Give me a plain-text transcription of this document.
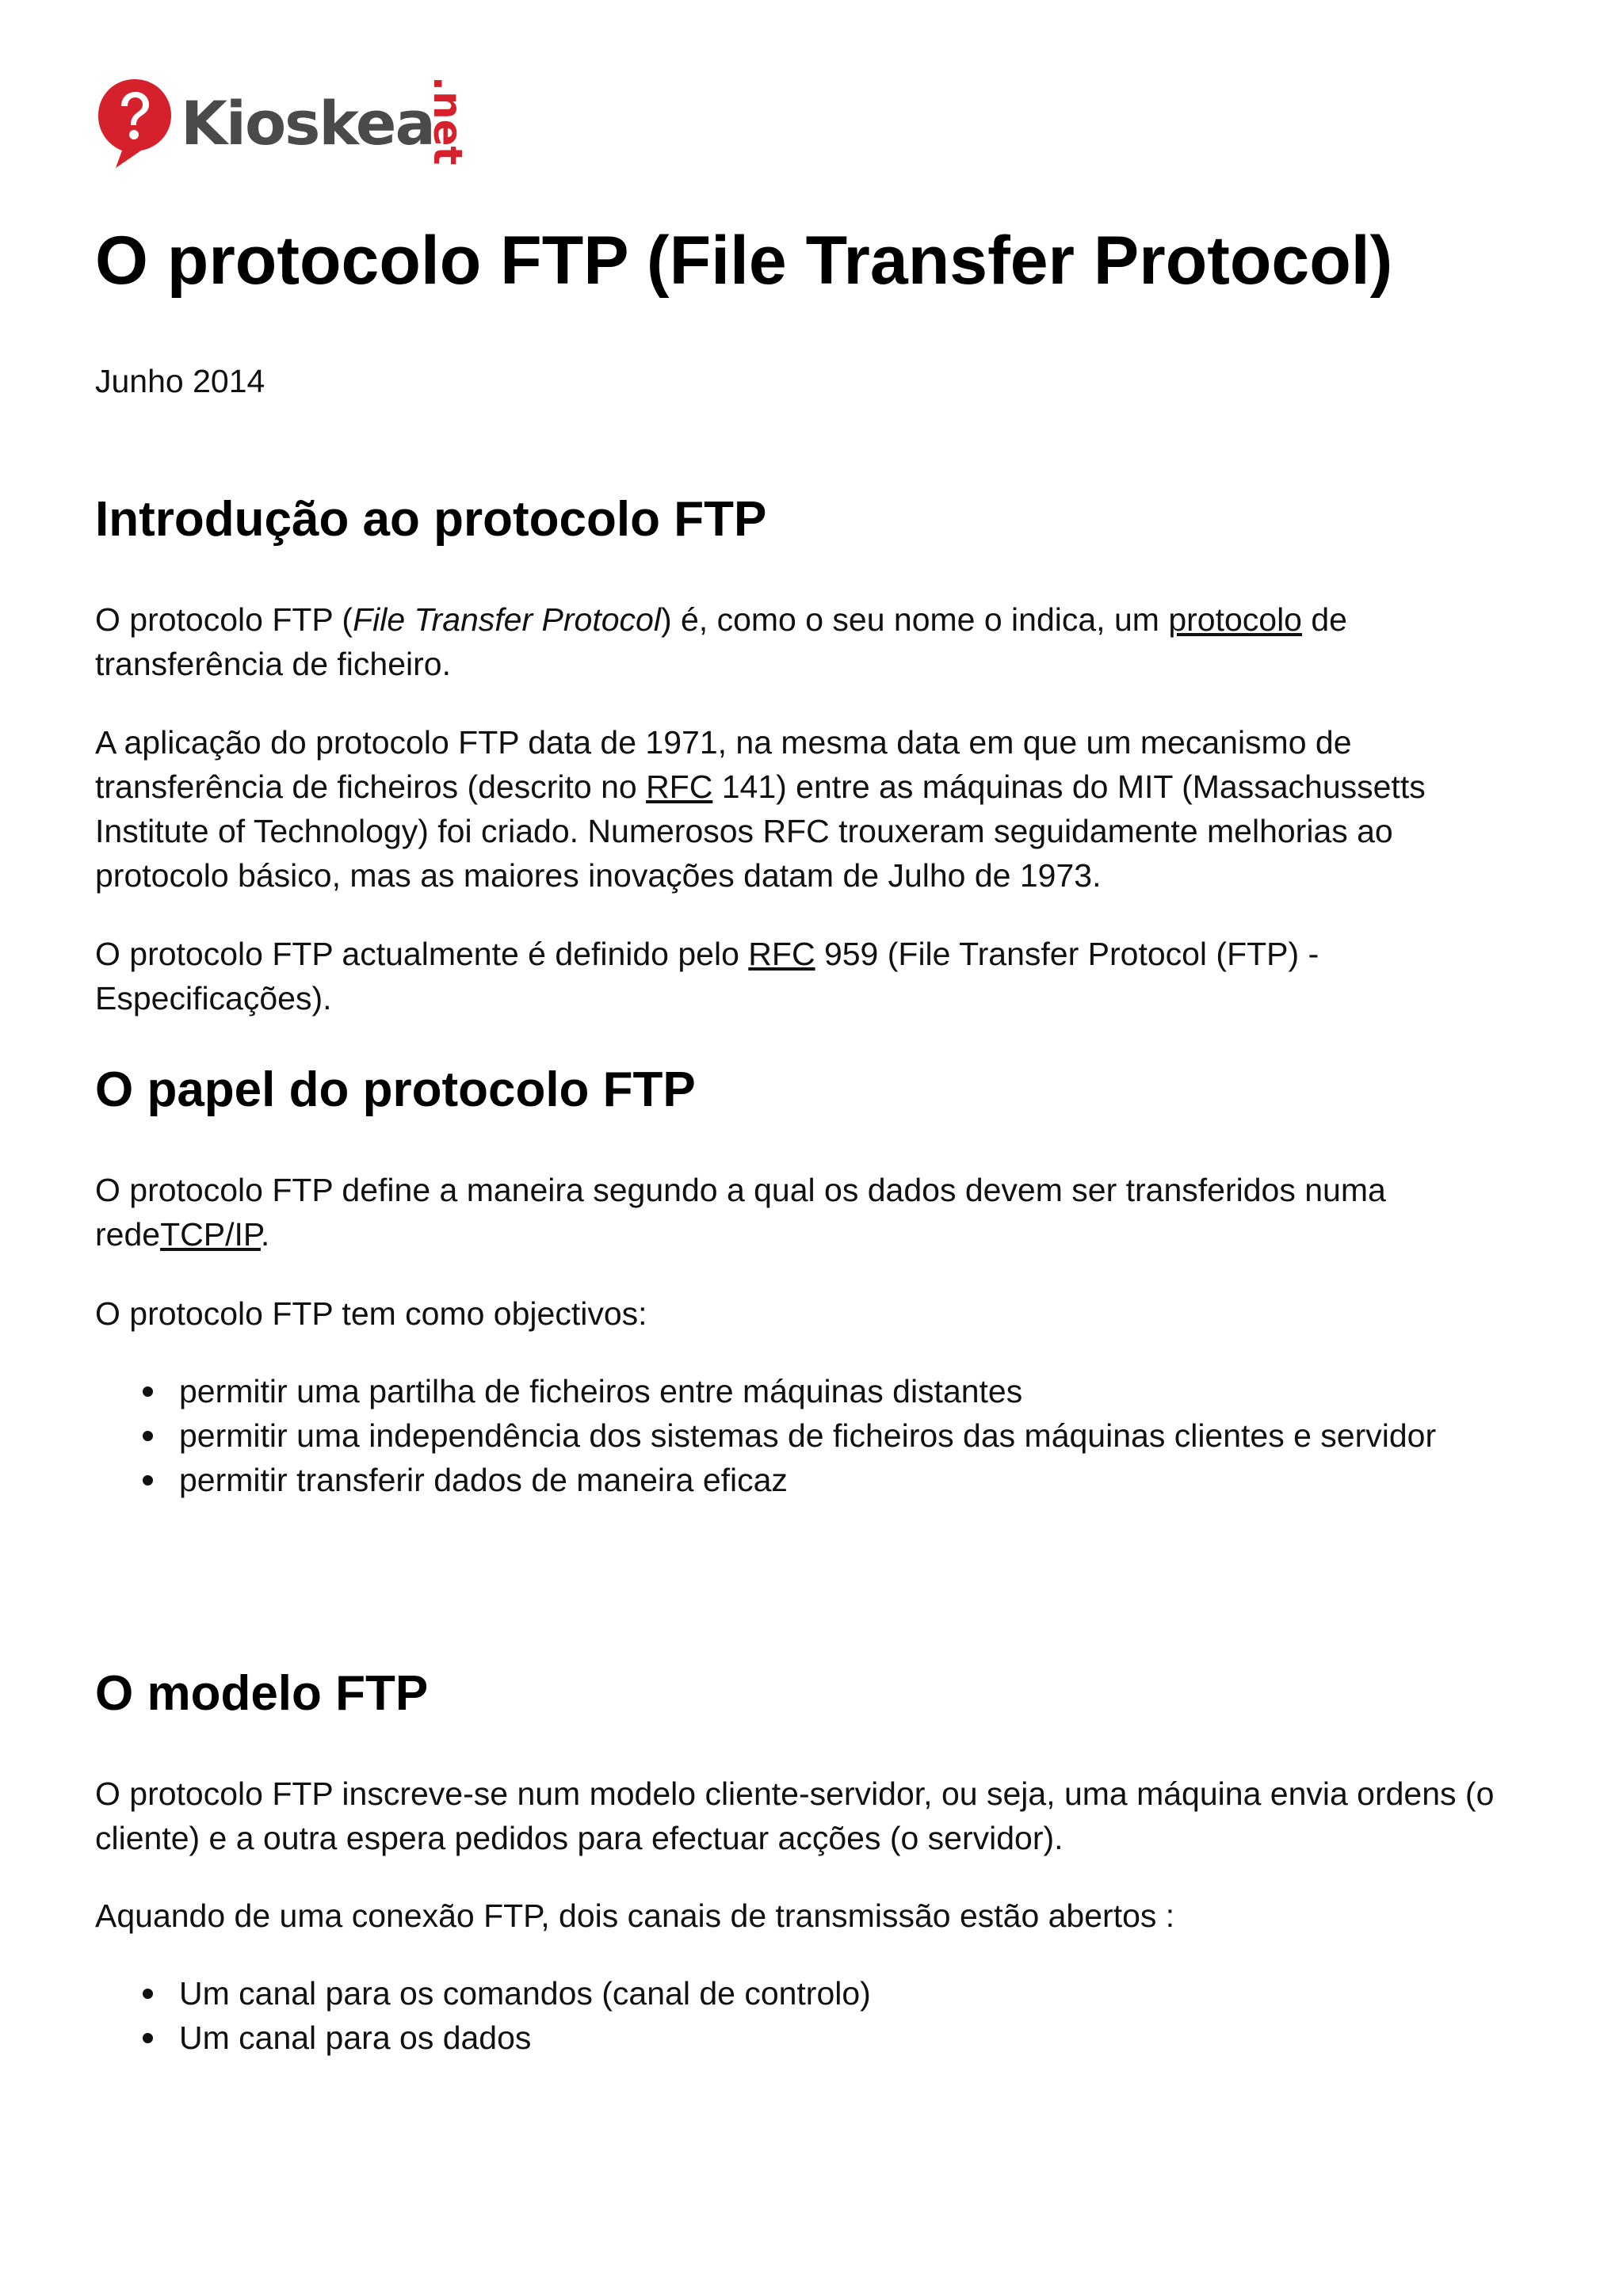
Kioskea
.net
O protocolo FTP (File Transfer Protocol)

Junho 2014

Introdução ao protocolo FTP

O protocolo FTP (File Transfer Protocol) é, como o seu nome o indica, um protocolo de transferência de ficheiro.

A aplicação do protocolo FTP data de 1971, na mesma data em que um mecanismo de transferência de ficheiros (descrito no RFC 141) entre as máquinas do MIT (Massachussetts Institute of Technology) foi criado. Numerosos RFC trouxeram seguidamente melhorias ao protocolo básico, mas as maiores inovações datam de Julho de 1973.

O protocolo FTP actualmente é definido pelo RFC 959 (File Transfer Protocol (FTP) - Especificações).

O papel do protocolo FTP

O protocolo FTP define a maneira segundo a qual os dados devem ser transferidos numa redeTCP/IP.

O protocolo FTP tem como objectivos:

permitir uma partilha de ficheiros entre máquinas distantes
permitir uma independência dos sistemas de ficheiros das máquinas clientes e servidor
permitir transferir dados de maneira eficaz
O modelo FTP

O protocolo FTP inscreve-se num modelo cliente-servidor, ou seja, uma máquina envia ordens (o cliente) e a outra espera pedidos para efectuar acções (o servidor).

Aquando de uma conexão FTP, dois canais de transmissão estão abertos :

Um canal para os comandos (canal de controlo)
Um canal para os dados
